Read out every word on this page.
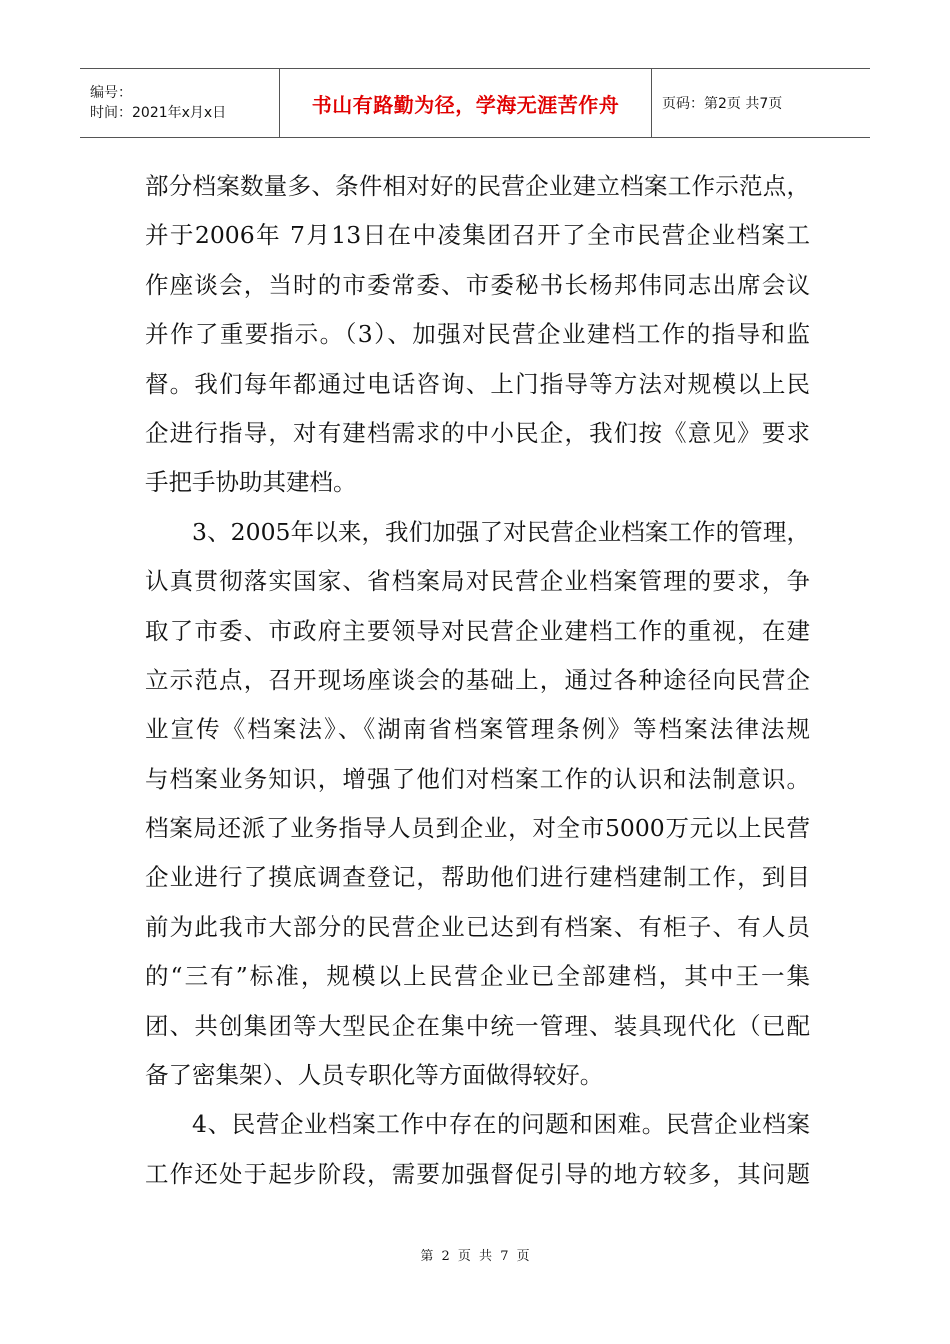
编号：
时间：2021年x月x日	书山有路勤为径，学海无涯苦作舟	页码：第2页 共7页
部分档案数量多、条件相对好的民营企业建立档案工作示范点，
并于2006年 7月13日在中凌集团召开了全市民营企业档案工
作座谈会，当时的市委常委、市委秘书长杨邦伟同志出席会议
并作了重要指示。（3）、加强对民营企业建档工作的指导和监
督。我们每年都通过电话咨询、上门指导等方法对规模以上民
企进行指导，对有建档需求的中小民企，我们按《意见》要求
手把手协助其建档。
3、2005年以来，我们加强了对民营企业档案工作的管理，
认真贯彻落实国家、省档案局对民营企业档案管理的要求，争
取了市委、市政府主要领导对民营企业建档工作的重视，在建
立示范点，召开现场座谈会的基础上，通过各种途径向民营企
业宣传《档案法》、《湖南省档案管理条例》等档案法律法规
与档案业务知识，增强了他们对档案工作的认识和法制意识。
档案局还派了业务指导人员到企业，对全市5000万元以上民营
企业进行了摸底调查登记，帮助他们进行建档建制工作，到目
前为此我市大部分的民营企业已达到有档案、有柜子、有人员
的“三有”标准，规模以上民营企业已全部建档，其中王一集
团、共创集团等大型民企在集中统一管理、装具现代化（已配
备了密集架）、人员专职化等方面做得较好。
4、民营企业档案工作中存在的问题和困难。民营企业档案
工作还处于起步阶段，需要加强督促引导的地方较多，其问题
第 2 页 共 7 页
